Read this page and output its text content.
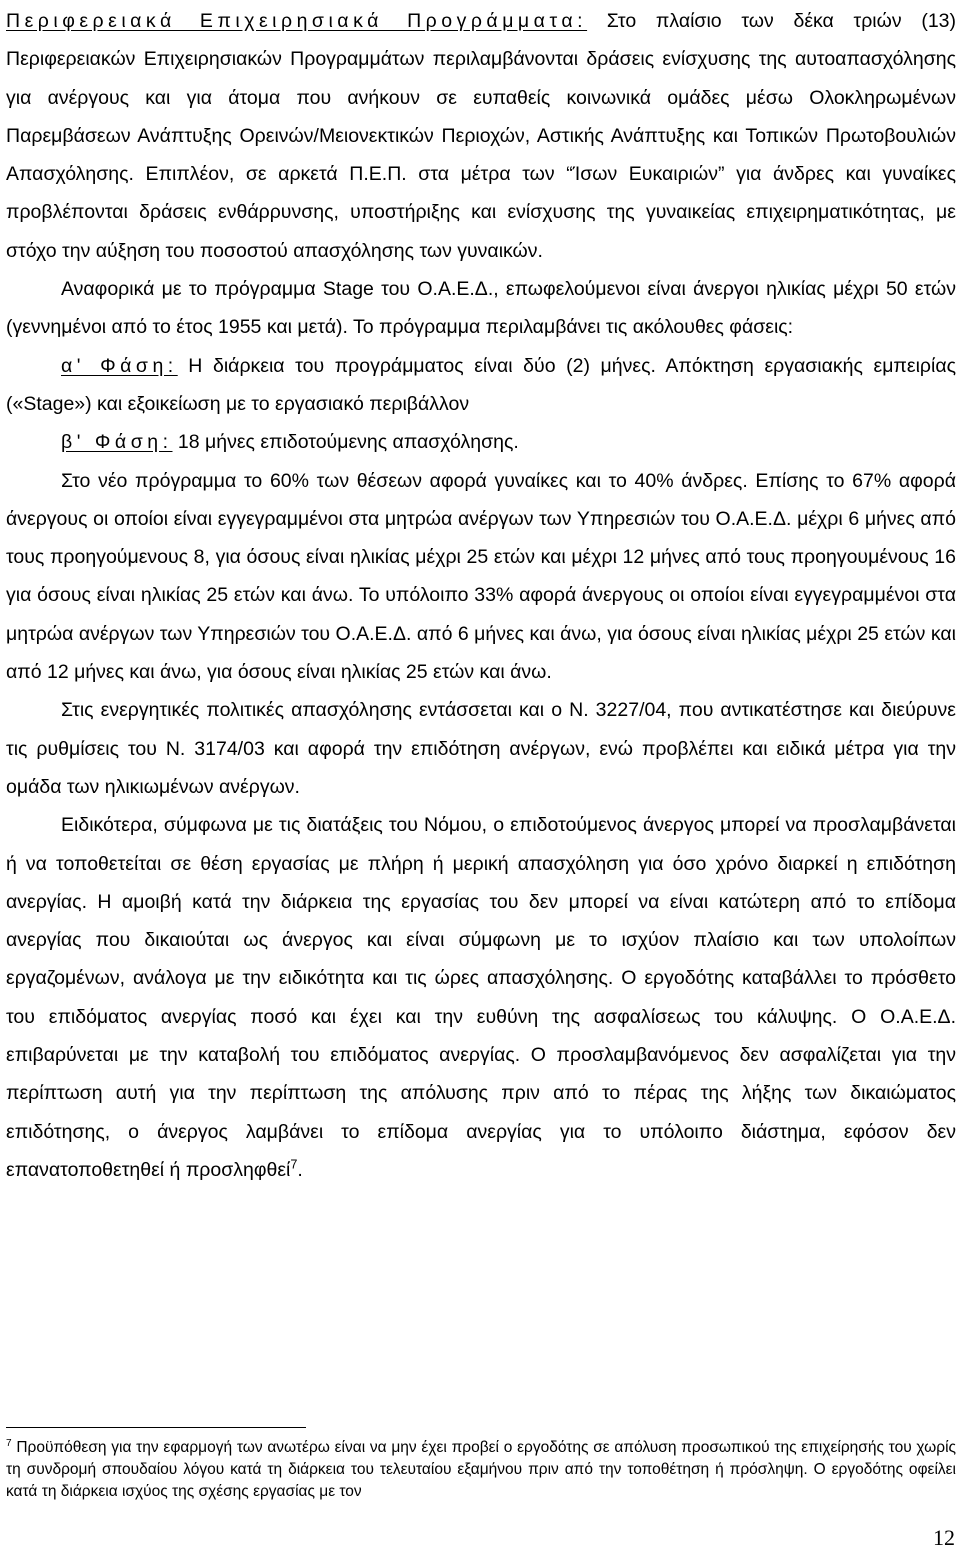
Περιφερειακά Επιχειρησιακά Προγράμματα: Στο πλαίσιο των δέκα τριών (13) Περιφερειακών Επιχειρησιακών Προγραμμάτων περιλαμβάνονται δράσεις ενίσχυσης της αυτοαπασχόλησης για ανέργους και για άτομα που ανήκουν σε ευπαθείς κοινωνικά ομάδες μέσω Ολοκληρωμένων Παρεμβάσεων Ανάπτυξης Ορεινών/Μειονεκτικών Περιοχών, Αστικής Ανάπτυξης και Τοπικών Πρωτοβουλιών Απασχόλησης. Επιπλέον, σε αρκετά Π.Ε.Π. στα μέτρα των “Ίσων Ευκαιριών” για άνδρες και γυναίκες προβλέπονται δράσεις ενθάρρυνσης, υποστήριξης και ενίσχυσης της γυναικείας επιχειρηματικότητας, με στόχο την αύξηση του ποσοστού απασχόλησης των γυναικών.

Αναφορικά με το πρόγραμμα Stage του Ο.Α.Ε.Δ., επωφελούμενοι είναι άνεργοι ηλικίας μέχρι 50 ετών (γεννημένοι από το έτος 1955 και μετά). Το πρόγραμμα περιλαμβάνει τις ακόλουθες φάσεις:

α' Φάση: Η διάρκεια του προγράμματος είναι δύο (2) μήνες. Απόκτηση εργασιακής εμπειρίας («Stage») και εξοικείωση με το εργασιακό περιβάλλον

β' Φάση: 18 μήνες επιδοτούμενης απασχόλησης.

Στο νέο πρόγραμμα το 60% των θέσεων αφορά γυναίκες και το 40% άνδρες. Επίσης το 67% αφορά άνεργους οι οποίοι είναι εγγεγραμμένοι στα μητρώα ανέργων των Υπηρεσιών του Ο.Α.Ε.Δ. μέχρι 6 μήνες από τους προηγούμενους 8, για όσους είναι ηλικίας μέχρι 25 ετών και μέχρι 12 μήνες από τους προηγουμένους 16 για όσους είναι ηλικίας 25 ετών και άνω. Το υπόλοιπο 33% αφορά άνεργους οι οποίοι είναι εγγεγραμμένοι στα μητρώα ανέργων των Υπηρεσιών του Ο.Α.Ε.Δ. από 6 μήνες και άνω, για όσους είναι ηλικίας μέχρι 25 ετών και από 12 μήνες και άνω, για όσους είναι ηλικίας 25 ετών και άνω.

Στις ενεργητικές πολιτικές απασχόλησης εντάσσεται και ο Ν. 3227/04, που αντικατέστησε και διεύρυνε τις ρυθμίσεις του Ν. 3174/03 και αφορά την επιδότηση ανέργων, ενώ προβλέπει και ειδικά μέτρα για την ομάδα των ηλικιωμένων ανέργων.

Ειδικότερα, σύμφωνα με τις διατάξεις του Νόμου, ο επιδοτούμενος άνεργος μπορεί να προσλαμβάνεται ή να τοποθετείται σε θέση εργασίας με πλήρη ή μερική απασχόληση για όσο χρόνο διαρκεί η επιδότηση ανεργίας. Η αμοιβή κατά την διάρκεια της εργασίας του δεν μπορεί να είναι κατώτερη από το επίδομα ανεργίας που δικαιούται ως άνεργος και είναι σύμφωνη με το ισχύον πλαίσιο και των υπολοίπων εργαζομένων, ανάλογα με την ειδικότητα και τις ώρες απασχόλησης. Ο εργοδότης καταβάλλει το πρόσθετο του επιδόματος ανεργίας ποσό και έχει και την ευθύνη της ασφαλίσεως του κάλυψης. Ο Ο.Α.Ε.Δ. επιβαρύνεται με την καταβολή του επιδόματος ανεργίας. Ο προσλαμβανόμενος δεν ασφαλίζεται για την περίπτωση αυτή για την περίπτωση της απόλυσης πριν από το πέρας της λήξης των δικαιώματος επιδότησης, ο άνεργος λαμβάνει το επίδομα ανεργίας για το υπόλοιπο διάστημα, εφόσον δεν επανατοποθετηθεί ή προσληφθεί$^7$.

$^7$ Προϋπόθεση για την εφαρμογή των ανωτέρω είναι να μην έχει προβεί ο εργοδότης σε απόλυση προσωπικού της επιχείρησής του χωρίς τη συνδρομή σπουδαίου λόγου κατά τη διάρκεια του τελευταίου εξαμήνου πριν από την τοποθέτηση ή πρόσληψη. Ο εργοδότης οφείλει κατά τη διάρκεια ισχύος της σχέσης εργασίας με τον

12
